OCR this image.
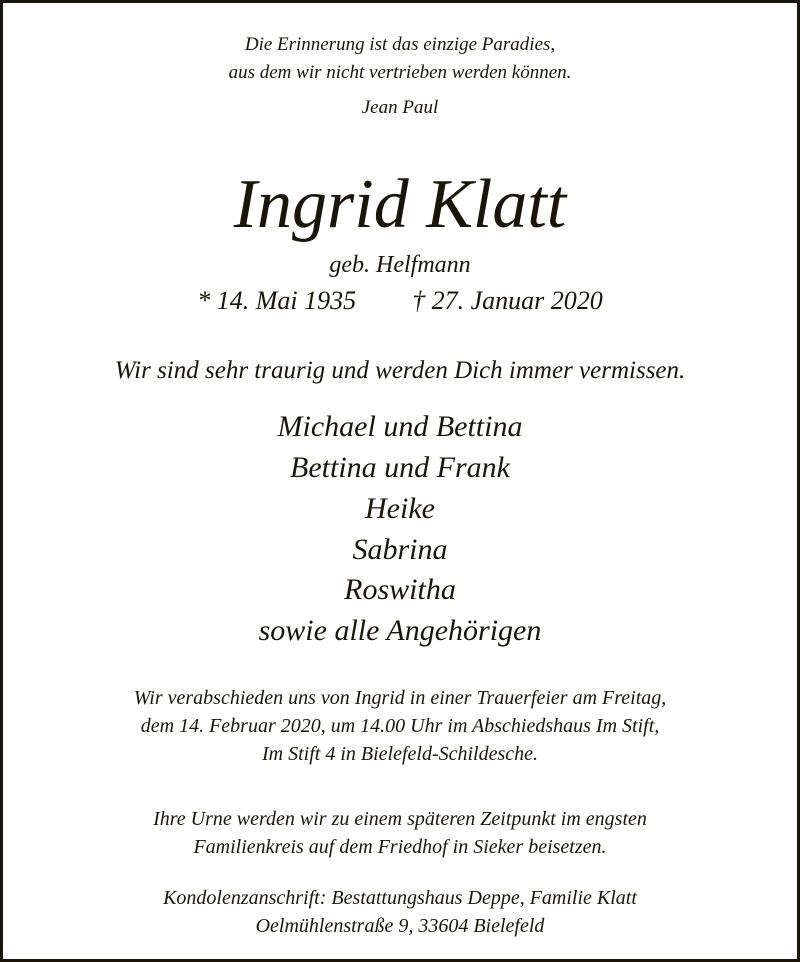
Die Erinnerung ist das einzige Paradies,
aus dem wir nicht vertrieben werden können.
Jean Paul
Ingrid Klatt
geb. Helfmann
* 14. Mai 1935 † 27. Januar 2020
Wir sind sehr traurig und werden Dich immer vermissen.
Michael und Bettina
Bettina und Frank
Heike
Sabrina
Roswitha
sowie alle Angehörigen
Wir verabschieden uns von Ingrid in einer Trauerfeier am Freitag,
dem 14. Februar 2020, um 14.00 Uhr im Abschiedshaus Im Stift,
Im Stift 4 in Bielefeld-Schildesche.
Ihre Urne werden wir zu einem späteren Zeitpunkt im engsten
Familienkreis auf dem Friedhof in Sieker beisetzen.
Kondolenzanschrift: Bestattungshaus Deppe, Familie Klatt
Oelmühlenstraße 9, 33604 Bielefeld
